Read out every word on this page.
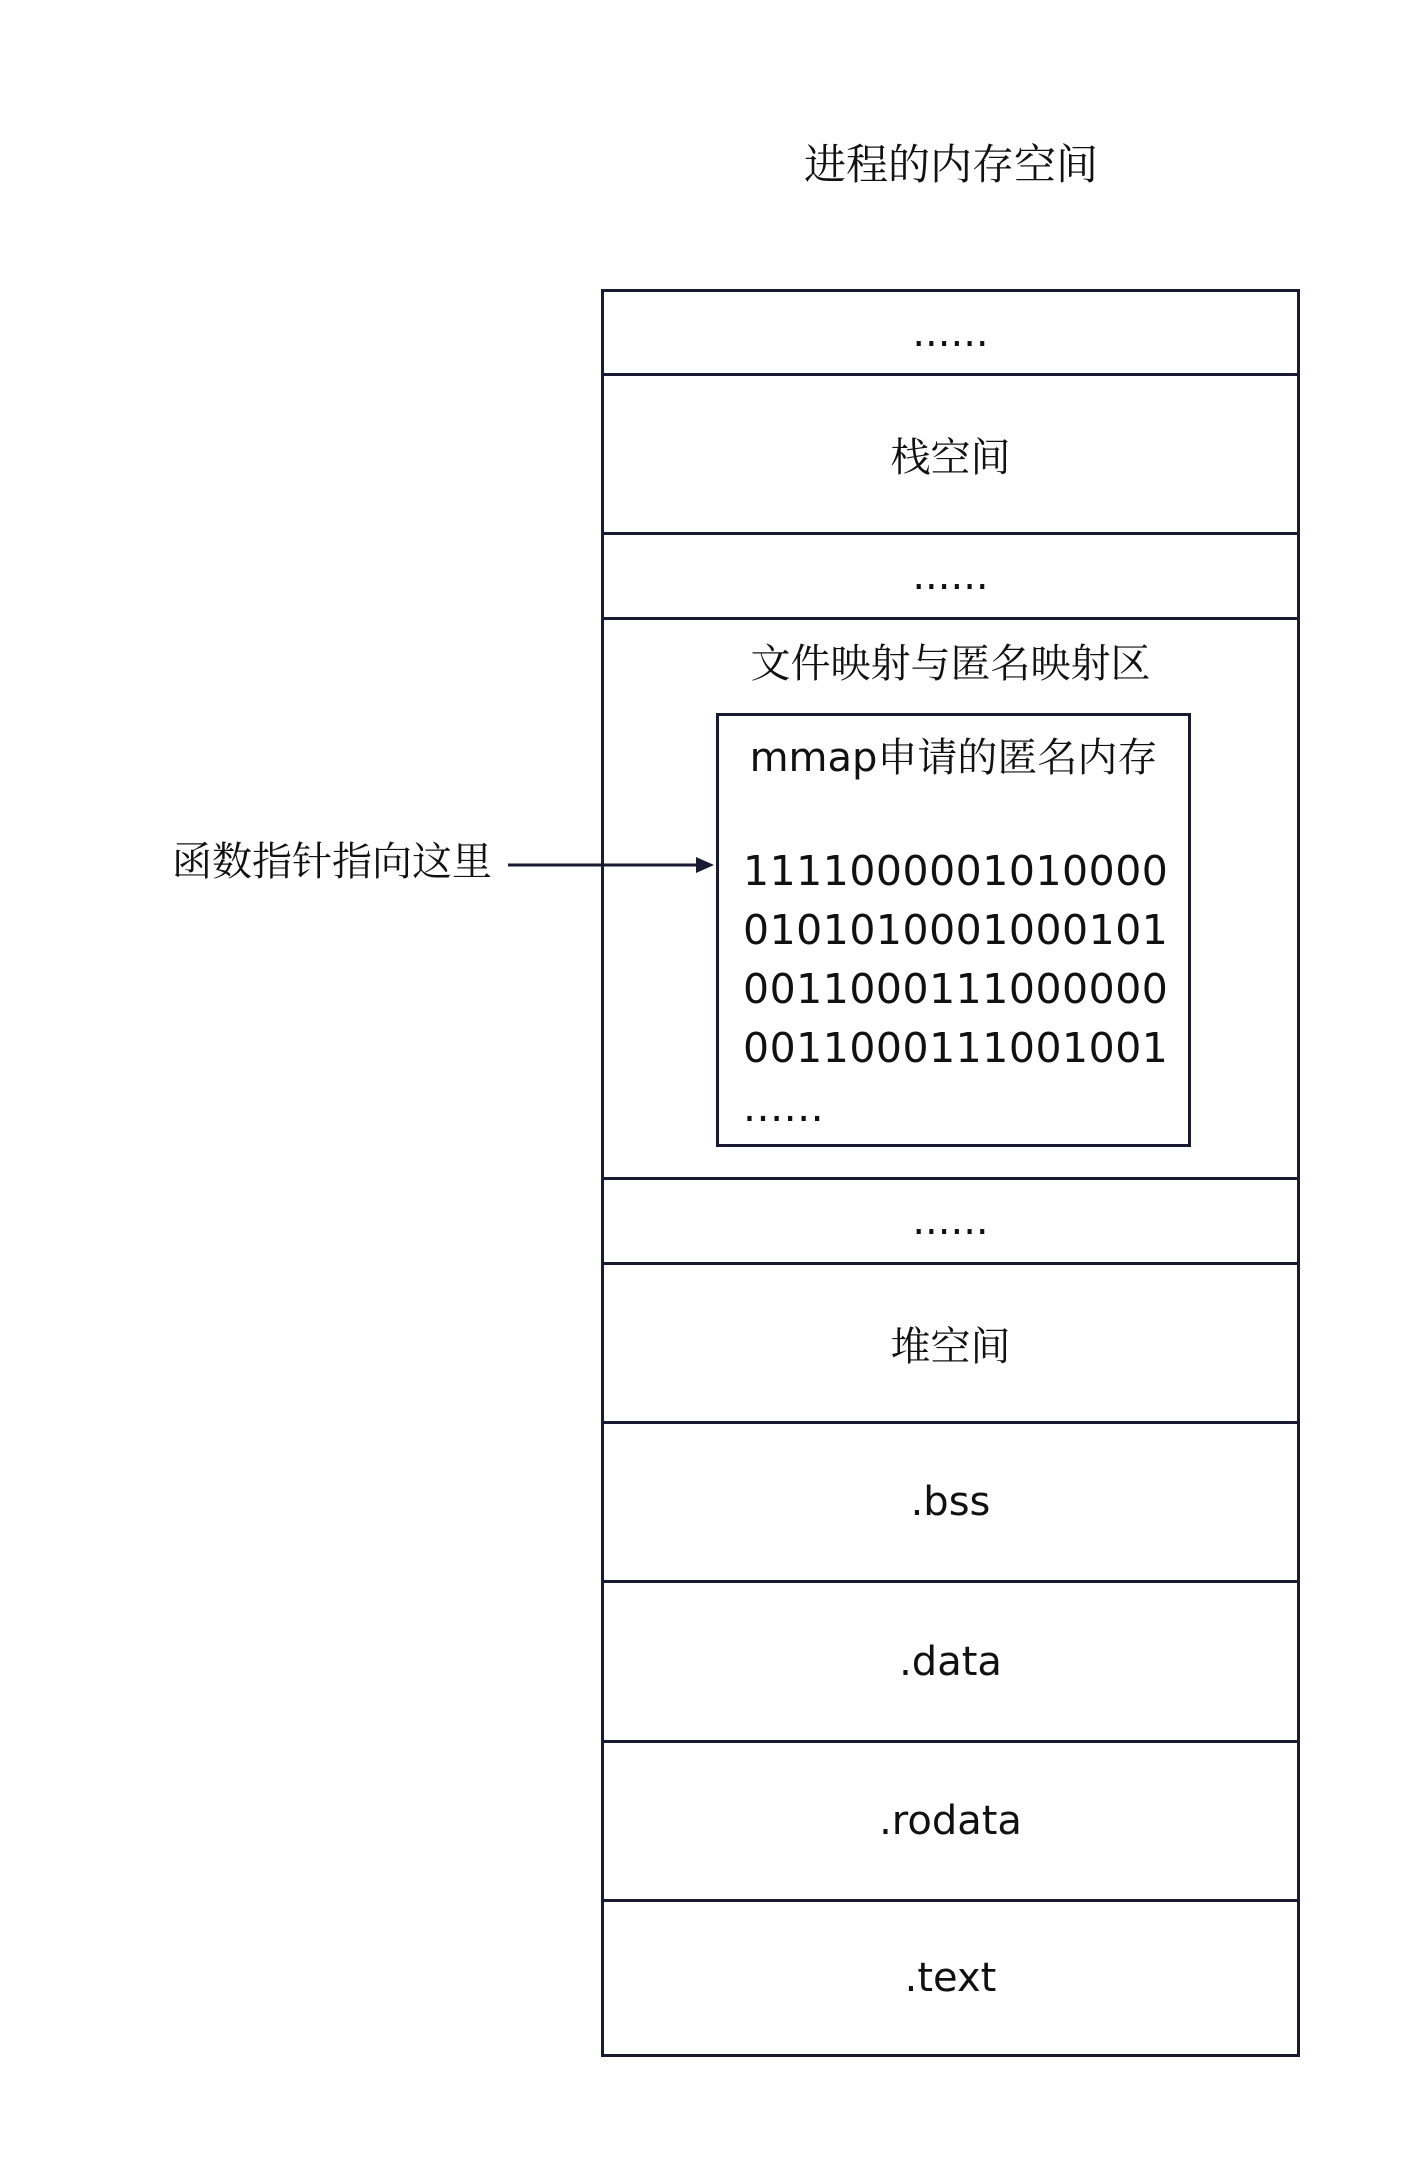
进程的内存空间
......
栈空间
......
文件映射与匿名映射区
mmap申请的匿名内存
1111000001010000
0101010001000101
0011000111000000
0011000111001001
......
......
堆空间
.bss
.data
.rodata
.text
函数指针指向这里
